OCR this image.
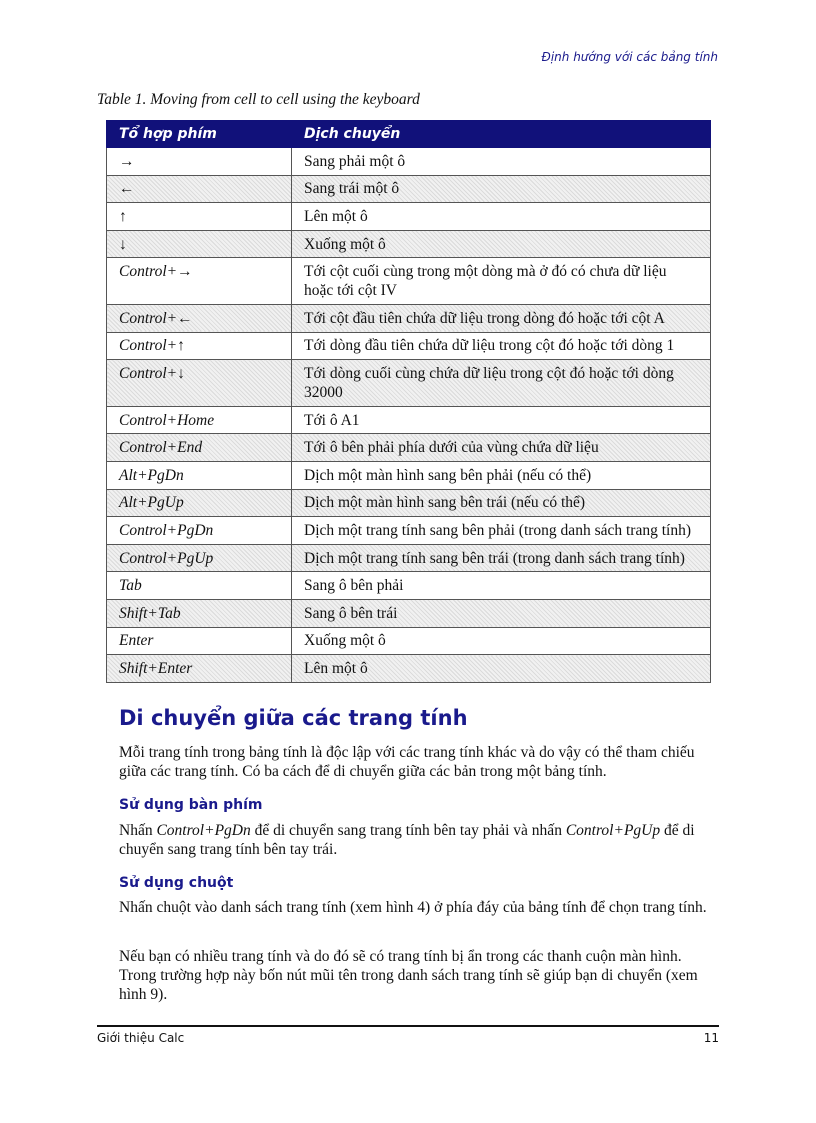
Định hướng với các bảng tính
Table 1. Moving from cell to cell using the keyboard
Tổ hợp phím	Dịch chuyển
→	Sang phải một ô
←	Sang trái một ô
↑	Lên một ô
↓	Xuống một ô
Control+→	Tới cột cuối cùng trong một dòng mà ở đó có chưa dữ liệu hoặc tới cột IV
Control+←	Tới cột đầu tiên chứa dữ liệu trong dòng đó hoặc tới cột A
Control+↑	Tới dòng đầu tiên chứa dữ liệu trong cột đó hoặc tới dòng 1
Control+↓	Tới dòng cuối cùng chứa dữ liệu trong cột đó hoặc tới dòng 32000
Control+Home	Tới ô A1
Control+End	Tới ô bên phải phía dưới của vùng chứa dữ liệu
Alt+PgDn	Dịch một màn hình sang bên phải (nếu có thể)
Alt+PgUp	Dịch một màn hình sang bên trái (nếu có thể)
Control+PgDn	Dịch một trang tính sang bên phải (trong danh sách trang tính)
Control+PgUp	Dịch một trang tính sang bên trái (trong danh sách trang tính)
Tab	Sang ô bên phải
Shift+Tab	Sang ô bên trái
Enter	Xuống một ô
Shift+Enter	Lên một ô
Di chuyển giữa các trang tính

Mỗi trang tính trong bảng tính là độc lập với các trang tính khác và do vậy có thể tham chiếu giữa các trang tính. Có ba cách để di chuyển giữa các bản trong một bảng tính.

Sử dụng bàn phím

Nhấn Control+PgDn để di chuyển sang trang tính bên tay phải và nhấn Control+PgUp để di chuyển sang trang tính bên tay trái.

Sử dụng chuột

Nhấn chuột vào danh sách trang tính (xem hình 4) ở phía đáy của bảng tính để chọn trang tính.

Nếu bạn có nhiều trang tính và do đó sẽ có trang tính bị ẩn trong các thanh cuộn màn hình. Trong trường hợp này bốn nút mũi tên trong danh sách trang tính sẽ giúp bạn di chuyển (xem hình 9).

Giới thiệu Calc	11
